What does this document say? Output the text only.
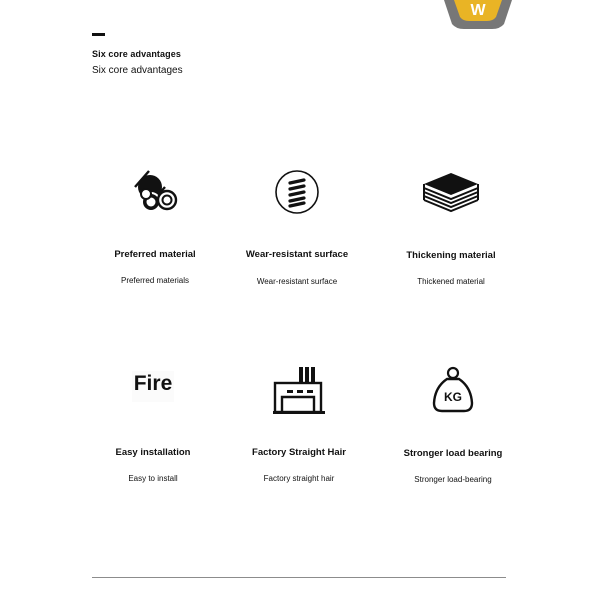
W
Six core advantages
Six core advantages
Preferred material
Preferred materials
Wear-resistant surface
Wear-resistant surface
Thickening material
Thickened material
Fire
Easy installation
Easy to install
Factory Straight Hair
Factory straight hair
KG
Stronger load bearing
Stronger load-bearing
